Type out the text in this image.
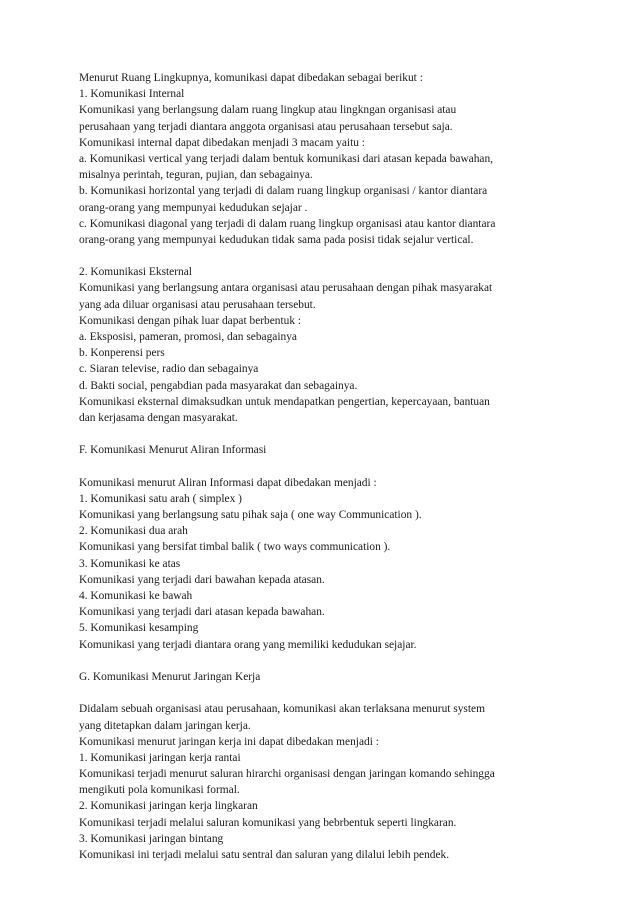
Menurut Ruang Lingkupnya, komunikasi dapat dibedakan sebagai berikut :
1. Komunikasi Internal
Komunikasi yang berlangsung dalam ruang lingkup atau lingkngan organisasi atau
perusahaan yang terjadi diantara anggota organisasi atau perusahaan tersebut saja.
Komunikasi internal dapat dibedakan menjadi 3 macam yaitu :
a. Komunikasi vertical yang terjadi dalam bentuk komunikasi dari atasan kepada bawahan,
misalnya perintah, teguran, pujian, dan sebagainya.
b. Komunikasi horizontal yang terjadi di dalam ruang lingkup organisasi / kantor diantara
orang-orang yang mempunyai kedudukan sejajar .
c. Komunikasi diagonal yang terjadi di dalam ruang lingkup organisasi atau kantor diantara
orang-orang yang mempunyai kedudukan tidak sama pada posisi tidak sejalur vertical.
2. Komunikasi Eksternal
Komunikasi yang berlangsung antara organisasi atau perusahaan dengan pihak masyarakat
yang ada diluar organisasi atau perusahaan tersebut.
Komunikasi dengan pihak luar dapat berbentuk :
a. Eksposisi, pameran, promosi, dan sebagainya
b. Konperensi pers
c. Siaran televise, radio dan sebagainya
d. Bakti social, pengabdian pada masyarakat dan sebagainya.
Komunikasi eksternal dimaksudkan untuk mendapatkan pengertian, kepercayaan, bantuan
dan kerjasama dengan masyarakat.
F. Komunikasi Menurut Aliran Informasi
Komunikasi menurut Aliran Informasi dapat dibedakan menjadi :
1. Komunikasi satu arah ( simplex )
Komunikasi yang berlangsung satu pihak saja ( one way Communication ).
2. Komunikasi dua arah
Komunikasi yang bersifat timbal balik ( two ways communication ).
3. Komunikasi ke atas
Komunikasi yang terjadi dari bawahan kepada atasan.
4. Komunikasi ke bawah
Komunikasi yang terjadi dari atasan kepada bawahan.
5. Komunikasi kesamping
Komunikasi yang terjadi diantara orang yang memiliki kedudukan sejajar.
G. Komunikasi Menurut Jaringan Kerja
Didalam sebuah organisasi atau perusahaan, komunikasi akan terlaksana menurut system
yang ditetapkan dalam jaringan kerja.
Komunikasi menurut jaringan kerja ini dapat dibedakan menjadi :
1. Komunikasi jaringan kerja rantai
Komunikasi terjadi menurut saluran hirarchi organisasi dengan jaringan komando sehingga
mengikuti pola komunikasi formal.
2. Komunikasi jaringan kerja lingkaran
Komunikasi terjadi melalui saluran komunikasi yang bebrbentuk seperti lingkaran.
3. Komunikasi jaringan bintang
Komunikasi ini terjadi melalui satu sentral dan saluran yang dilalui lebih pendek.
